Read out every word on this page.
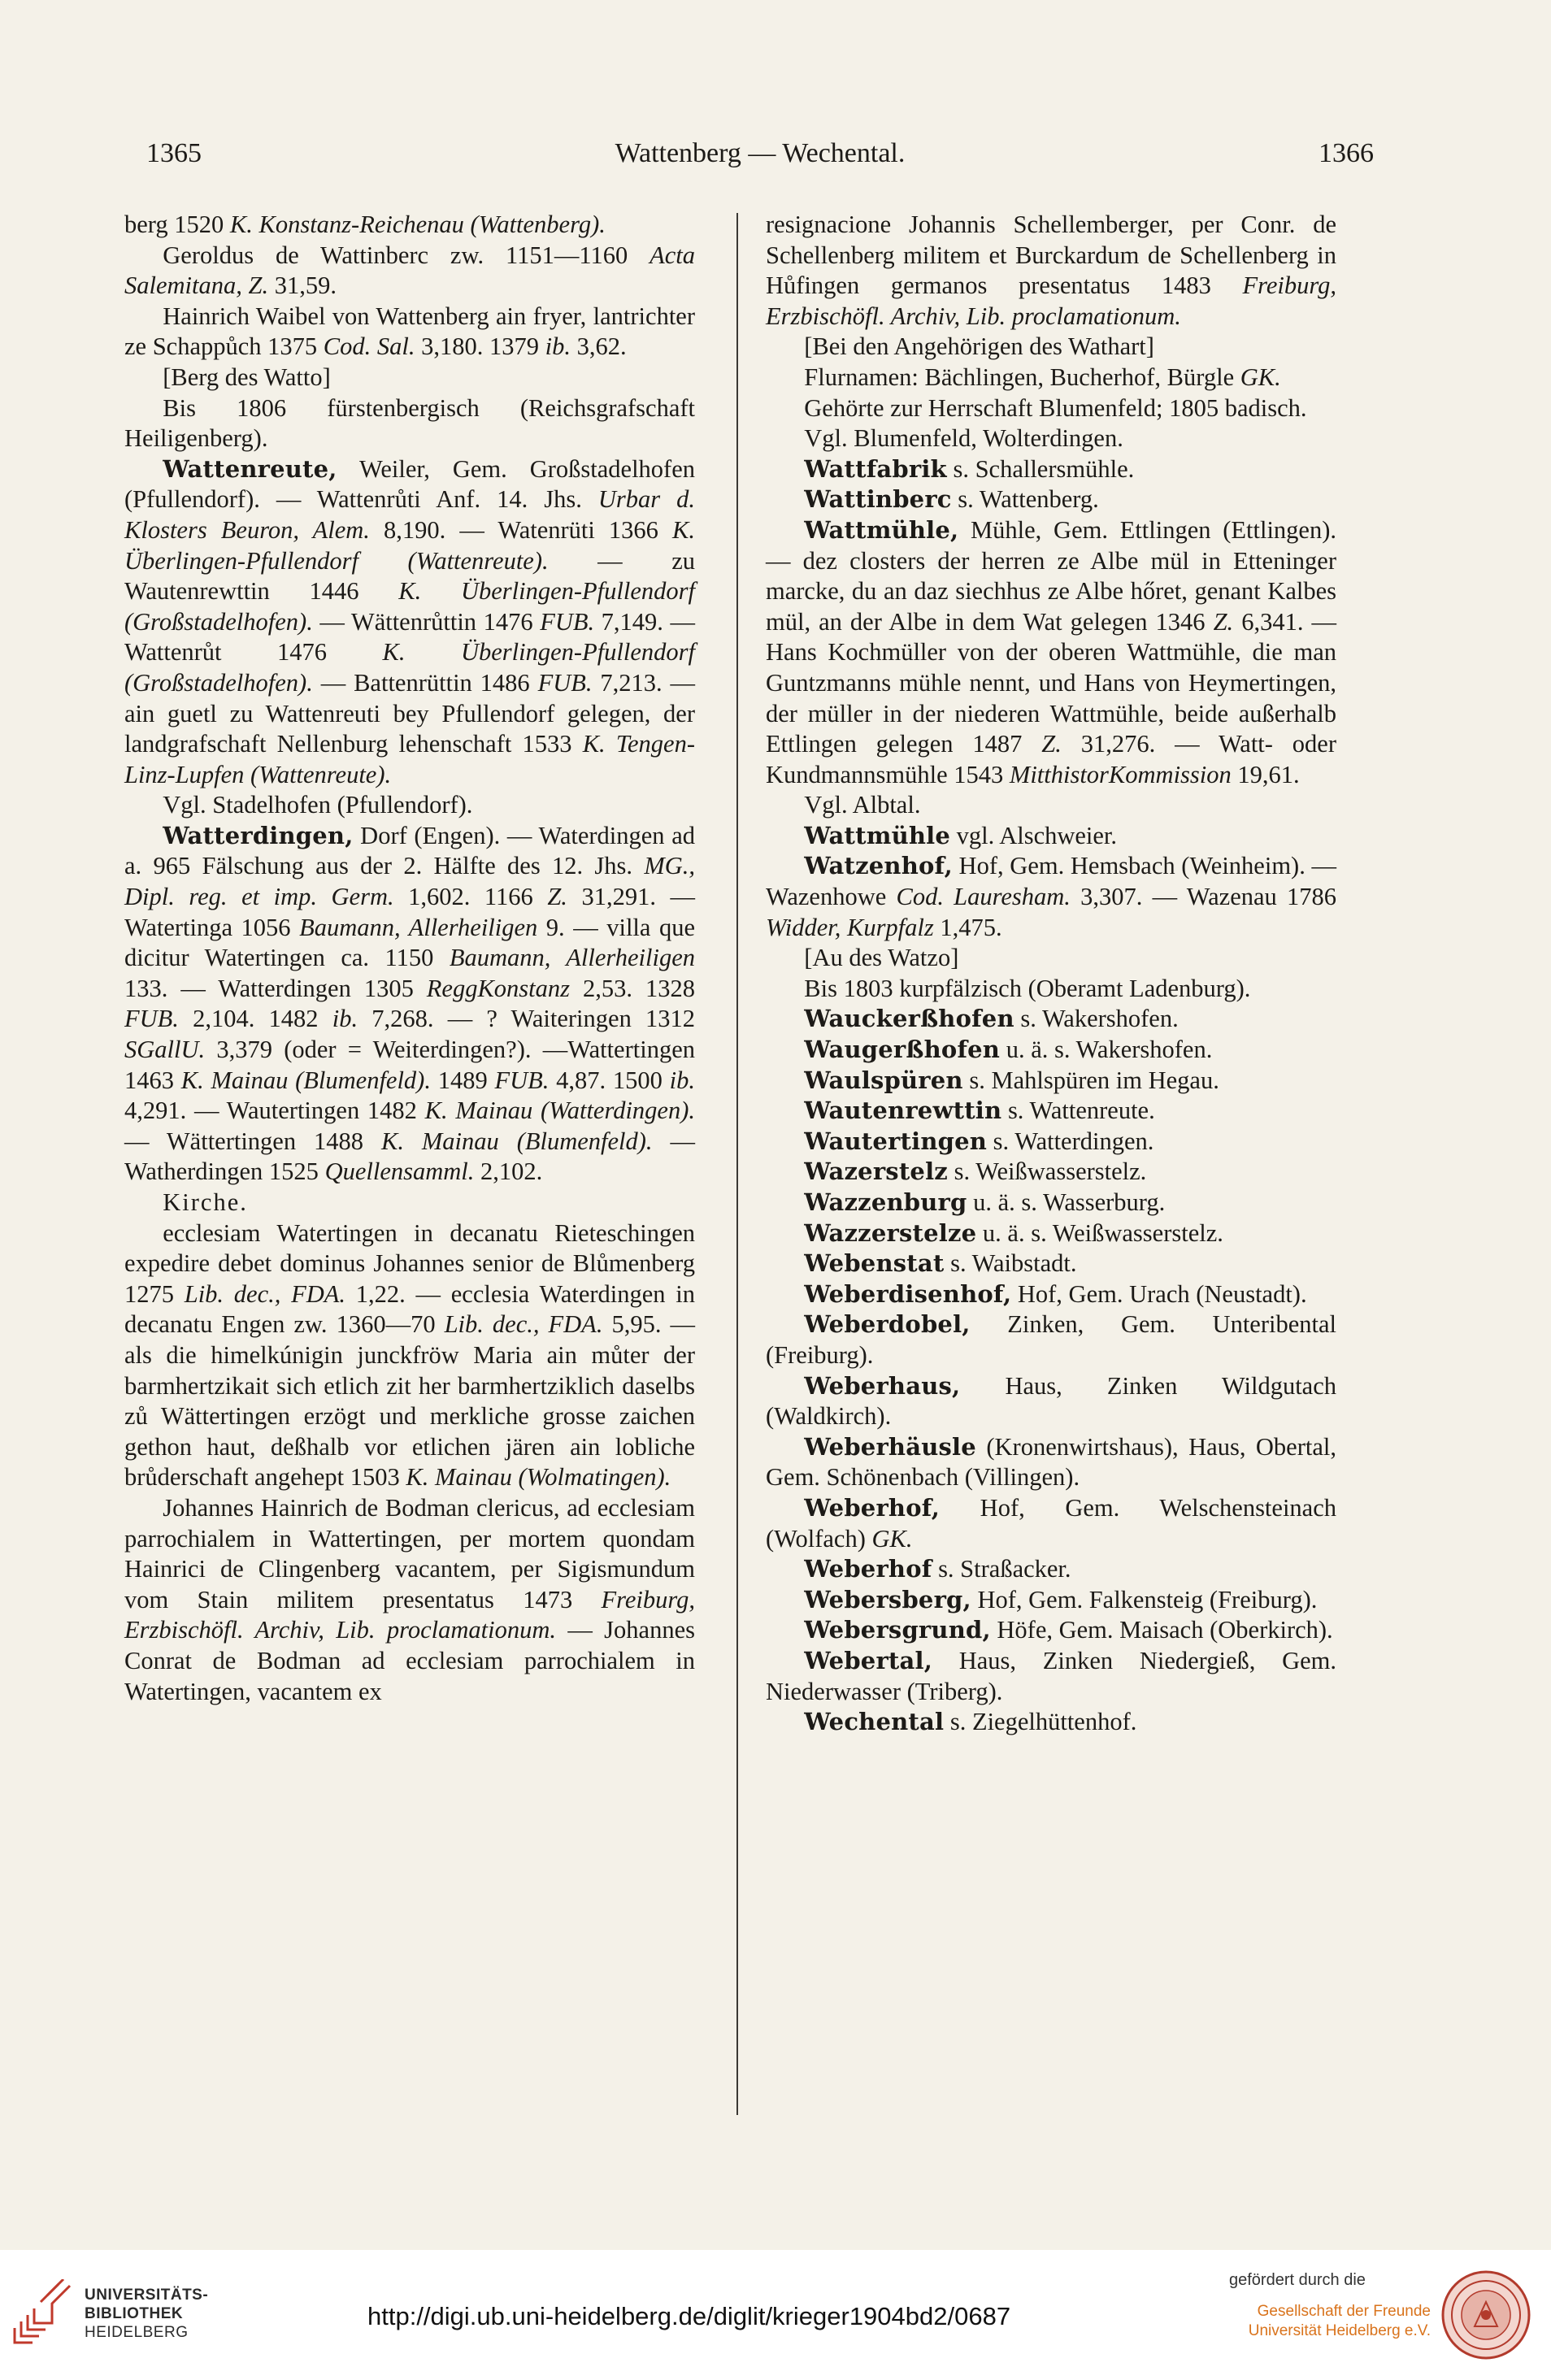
1365	Wattenberg — Wechental.	1366

berg 1520 K. Konstanz-Reichenau (Wattenberg).

Geroldus de Wattinberc zw. 1151—1160 Acta Salemitana, Z. 31,59.

Hainrich Waibel von Wattenberg ain fryer, lantrichter ze Schappůch 1375 Cod. Sal. 3,180. 1379 ib. 3,62.

[Berg des Watto]

Bis 1806 fürstenbergisch (Reichsgrafschaft Heiligenberg).

Wattenreute, Weiler, Gem. Großstadelhofen (Pfullendorf). — Wattenrůti Anf. 14. Jhs. Urbar d. Klosters Beuron, Alem. 8,190. — Watenrüti 1366 K. Überlingen-Pfullendorf (Wattenreute). — zu Wautenrewttin 1446 K. Überlingen-Pfullendorf (Großstadelhofen). — Wättenrůttin 1476 FUB. 7,149. — Wattenrůt 1476 K. Überlingen-Pfullendorf (Großstadelhofen). — Battenrüttin 1486 FUB. 7,213. — ain guetl zu Wattenreuti bey Pfullendorf gelegen, der landgrafschaft Nellenburg lehenschaft 1533 K. Tengen-Linz-Lupfen (Wattenreute).

Vgl. Stadelhofen (Pfullendorf).

Watterdingen, Dorf (Engen). — Waterdingen ad a. 965 Fälschung aus der 2. Hälfte des 12. Jhs. MG., Dipl. reg. et imp. Germ. 1,602. 1166 Z. 31,291. — Watertinga 1056 Baumann, Allerheiligen 9. — villa que dicitur Watertingen ca. 1150 Baumann, Allerheiligen 133. — Watterdingen 1305 ReggKonstanz 2,53. 1328 FUB. 2,104. 1482 ib. 7,268. — ? Waiteringen 1312 SGallU. 3,379 (oder = Weiterdingen?). —Wattertingen 1463 K. Mainau (Blumenfeld). 1489 FUB. 4,87. 1500 ib. 4,291. — Wautertingen 1482 K. Mainau (Watterdingen). — Wättertingen 1488 K. Mainau (Blumenfeld). — Watherdingen 1525 Quellensamml. 2,102.

Kirche.

ecclesiam Watertingen in decanatu Rieteschingen expedire debet dominus Johannes senior de Blůmenberg 1275 Lib. dec., FDA. 1,22. — ecclesia Waterdingen in decanatu Engen zw. 1360—70 Lib. dec., FDA. 5,95. — als die himelkúnigin junckfröw Maria ain můter der barmhertzikait sich etlich zit her barmhertziklich daselbs zů Wättertingen erzögt und merkliche grosse zaichen gethon haut, deßhalb vor etlichen jären ain lobliche brůderschaft angehept 1503 K. Mainau (Wolmatingen).

Johannes Hainrich de Bodman clericus, ad ecclesiam parrochialem in Wattertingen, per mortem quondam Hainrici de Clingenberg vacantem, per Sigismundum vom Stain militem presentatus 1473 Freiburg, Erzbischöfl. Archiv, Lib. proclamationum. — Johannes Conrat de Bodman ad ecclesiam parrochialem in Watertingen, vacantem ex

resignacione Johannis Schellemberger, per Conr. de Schellenberg militem et Burckardum de Schellenberg in Hůfingen germanos presentatus 1483 Freiburg, Erzbischöfl. Archiv, Lib. proclamationum.

[Bei den Angehörigen des Wathart]

Flurnamen: Bächlingen, Bucherhof, Bürgle GK.

Gehörte zur Herrschaft Blumenfeld; 1805 badisch.

Vgl. Blumenfeld, Wolterdingen.

Wattfabrik s. Schallersmühle.

Wattinberc s. Wattenberg.

Wattmühle, Mühle, Gem. Ettlingen (Ettlingen). — dez closters der herren ze Albe mül in Etteninger marcke, du an daz siechhus ze Albe hőret, genant Kalbes mül, an der Albe in dem Wat gelegen 1346 Z. 6,341. — Hans Kochmüller von der oberen Wattmühle, die man Guntzmanns mühle nennt, und Hans von Heymertingen, der müller in der niederen Wattmühle, beide außerhalb Ettlingen gelegen 1487 Z. 31,276. — Watt- oder Kundmannsmühle 1543 MitthistorKommission 19,61.

Vgl. Albtal.

Wattmühle vgl. Alschweier.

Watzenhof, Hof, Gem. Hemsbach (Weinheim). — Wazenhowe Cod. Lauresham. 3,307. — Wazenau 1786 Widder, Kurpfalz 1,475.

[Au des Watzo]

Bis 1803 kurpfälzisch (Oberamt Ladenburg).

Wauckerßhofen s. Wakershofen.

Waugerßhofen u. ä. s. Wakershofen.

Waulspüren s. Mahlspüren im Hegau.

Wautenrewttin s. Wattenreute.

Wautertingen s. Watterdingen.

Wazerstelz s. Weißwasserstelz.

Wazzenburg u. ä. s. Wasserburg.

Wazzerstelze u. ä. s. Weißwasserstelz.

Webenstat s. Waibstadt.

Weberdisenhof, Hof, Gem. Urach (Neustadt).

Weberdobel, Zinken, Gem. Unteribental (Freiburg).

Weberhaus, Haus, Zinken Wildgutach (Waldkirch).

Weberhäusle (Kronenwirtshaus), Haus, Obertal, Gem. Schönenbach (Villingen).

Weberhof, Hof, Gem. Welschensteinach (Wolfach) GK.

Weberhof s. Straßacker.

Webersberg, Hof, Gem. Falkensteig (Freiburg).

Webersgrund, Höfe, Gem. Maisach (Oberkirch).

Webertal, Haus, Zinken Niedergieß, Gem. Niederwasser (Triberg).

Wechental s. Ziegelhüttenhof.

UNIVERSITÄTS-
BIBLIOTHEK
HEIDELBERG
http://digi.ub.uni-heidelberg.de/diglit/krieger1904bd2/0687
gefördert durch die
Gesellschaft der Freunde
Universität Heidelberg e.V.
